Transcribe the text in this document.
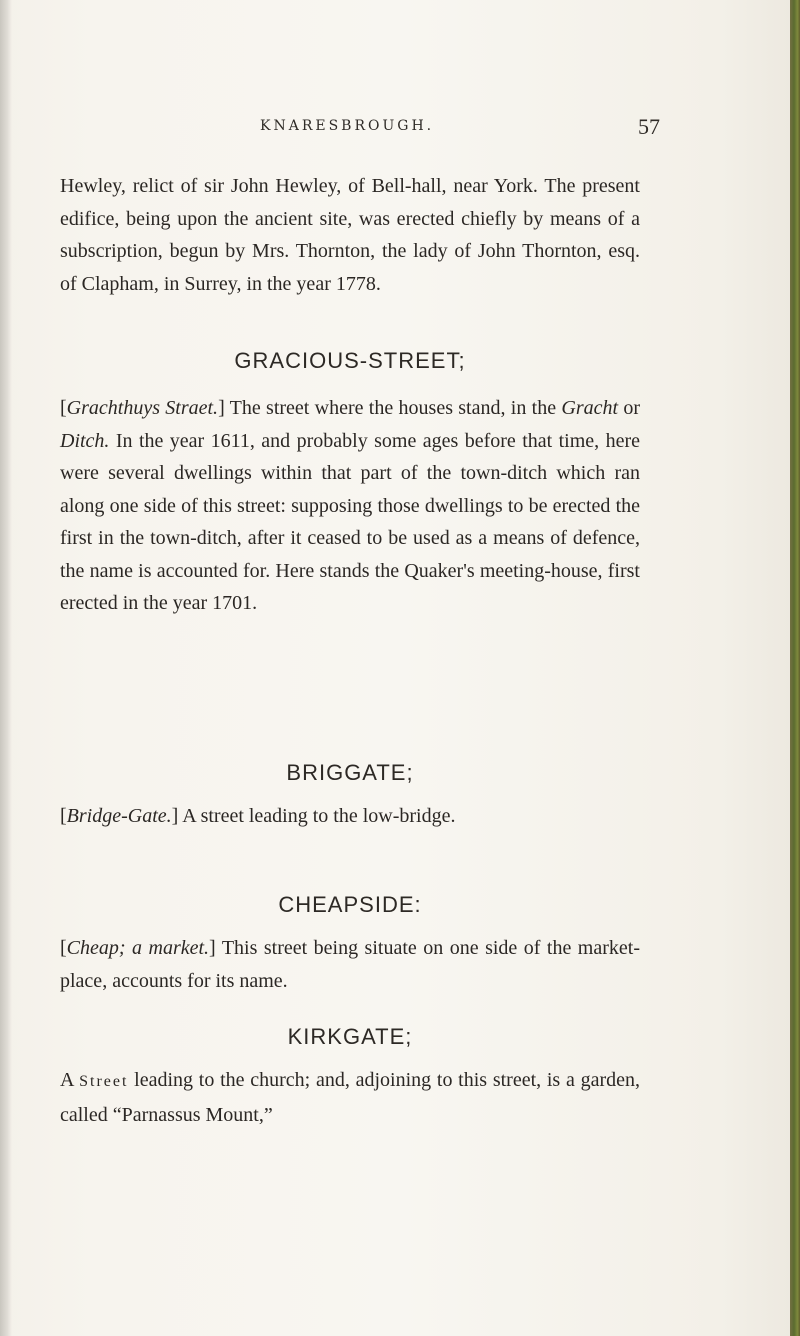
KNARESBROUGH.	57

Hewley, relict of sir John Hewley, of Bell-hall, near York. The present edifice, being upon the ancient site, was erected chiefly by means of a subscription, begun by Mrs. Thornton, the lady of John Thornton, esq. of Clapham, in Surrey, in the year 1778.

GRACIOUS-STREET;

[Grachthuys Straet.] The street where the houses stand, in the Gracht or Ditch. In the year 1611, and probably some ages before that time, here were several dwellings within that part of the town-ditch which ran along one side of this street: supposing those dwellings to be erected the first in the town-ditch, after it ceased to be used as a means of defence, the name is accounted for. Here stands the Quaker's meeting-house, first erected in the year 1701.

BRIGGATE;

[Bridge-Gate.] A street leading to the low-bridge.

CHEAPSIDE:

[Cheap; a market.] This street being situate on one side of the market-place, accounts for its name.

KIRKGATE;

A Street leading to the church; and, adjoining to this street, is a garden, called “Parnassus Mount,”
